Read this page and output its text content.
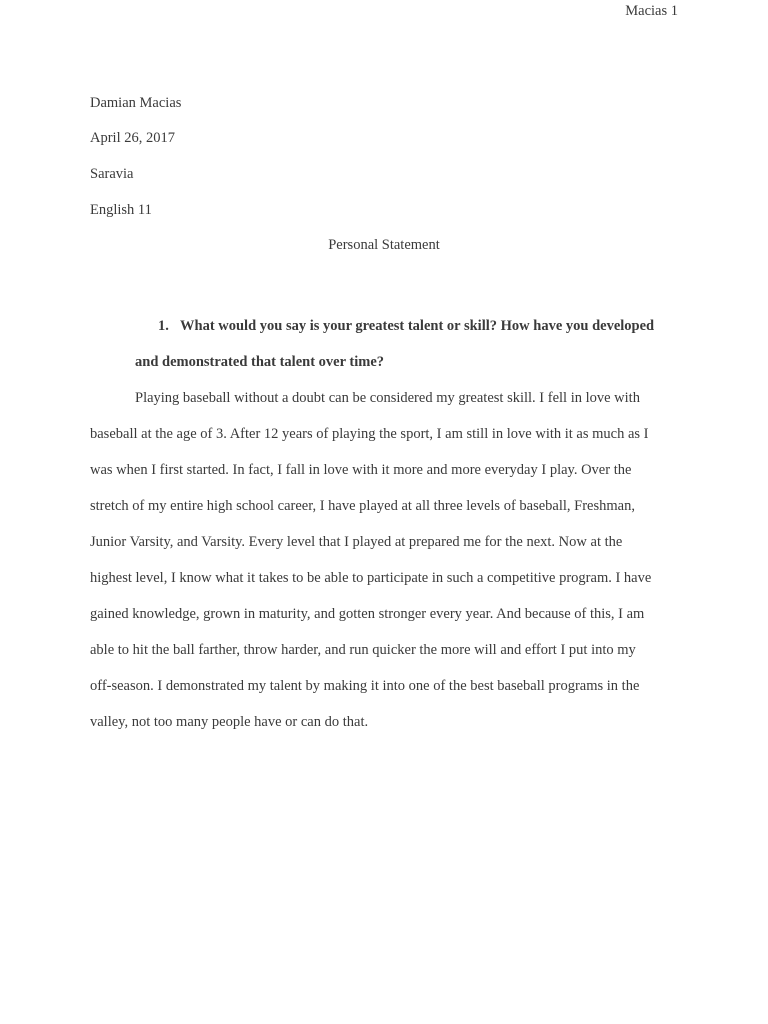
Macias 1
Damian Macias
April 26, 2017
Saravia
English 11
Personal Statement
1. What would you say is your greatest talent or skill? How have you developed
and demonstrated that talent over time?
Playing baseball without a doubt can be considered my greatest skill. I fell in love with
baseball at the age of 3. After 12 years of playing the sport, I am still in love with it as much as I
was when I first started. In fact, I fall in love with it more and more everyday I play. Over the
stretch of my entire high school career, I have played at all three levels of baseball, Freshman,
Junior Varsity, and Varsity. Every level that I played at prepared me for the next. Now at the
highest level, I know what it takes to be able to participate in such a competitive program. I have
gained knowledge, grown in maturity, and gotten stronger every year. And because of this, I am
able to hit the ball farther, throw harder, and run quicker the more will and effort I put into my
off-season. I demonstrated my talent by making it into one of the best baseball programs in the
valley, not too many people have or can do that.
